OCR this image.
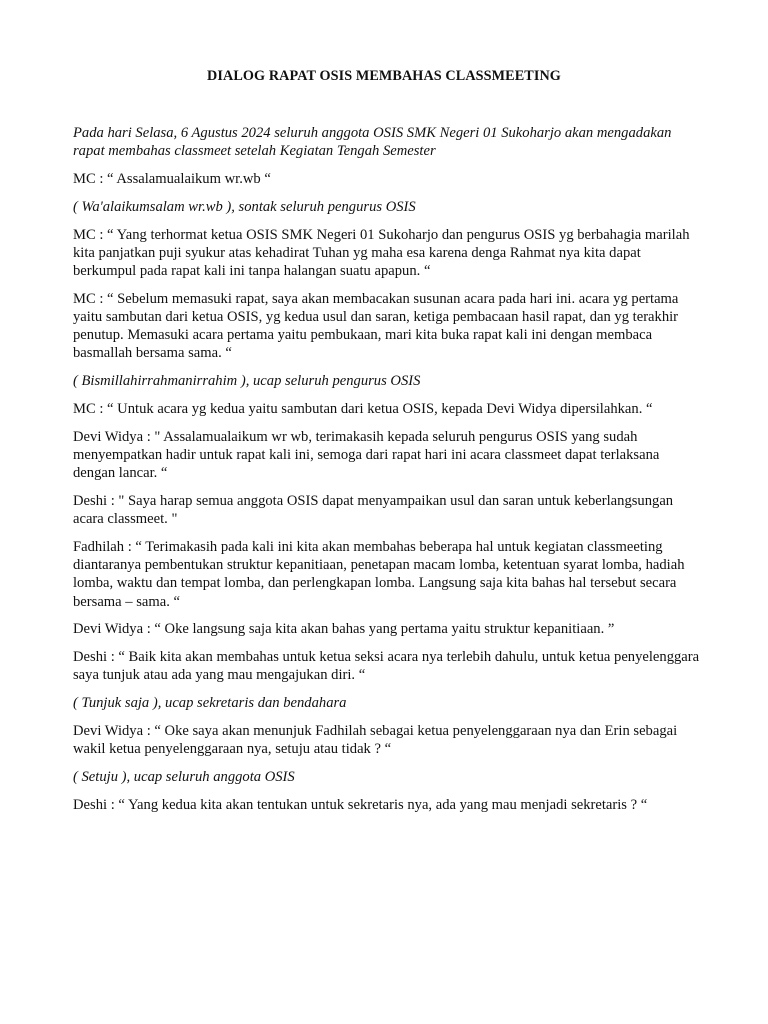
DIALOG RAPAT OSIS MEMBAHAS CLASSMEETING

Pada hari Selasa, 6 Agustus 2024 seluruh anggota OSIS SMK Negeri 01 Sukoharjo akan mengadakan rapat membahas classmeet setelah Kegiatan Tengah Semester

MC : “ Assalamualaikum wr.wb “

( Wa'alaikumsalam wr.wb ), sontak seluruh pengurus OSIS

MC : “ Yang terhormat ketua OSIS SMK Negeri 01 Sukoharjo dan pengurus OSIS yg berbahagia marilah kita panjatkan puji syukur atas kehadirat Tuhan yg maha esa karena denga Rahmat nya kita dapat berkumpul pada rapat kali ini tanpa halangan suatu apapun. “

MC : “ Sebelum memasuki rapat, saya akan membacakan susunan acara pada hari ini. acara yg pertama yaitu sambutan dari ketua OSIS, yg kedua usul dan saran, ketiga pembacaan hasil rapat, dan yg terakhir penutup. Memasuki acara pertama yaitu pembukaan, mari kita buka rapat kali ini dengan membaca basmallah bersama sama. “

( Bismillahirrahmanirrahim ), ucap seluruh pengurus OSIS

MC : “ Untuk acara yg kedua yaitu sambutan dari ketua OSIS, kepada Devi Widya dipersilahkan. “

Devi Widya : " Assalamualaikum wr wb, terimakasih kepada seluruh pengurus OSIS yang sudah menyempatkan hadir untuk rapat kali ini, semoga dari rapat hari ini acara classmeet dapat terlaksana dengan lancar. “

Deshi : " Saya harap semua anggota OSIS dapat menyampaikan usul dan saran untuk keberlangsungan acara classmeet. "

Fadhilah : “ Terimakasih pada kali ini kita akan membahas beberapa hal untuk kegiatan classmeeting diantaranya pembentukan struktur kepanitiaan, penetapan macam lomba, ketentuan syarat lomba, hadiah lomba, waktu dan tempat lomba, dan perlengkapan lomba. Langsung saja kita bahas hal tersebut secara bersama – sama. “

Devi Widya : “ Oke langsung saja kita akan bahas yang pertama yaitu struktur kepanitiaan. ”

Deshi : “ Baik kita akan membahas untuk ketua seksi acara nya terlebih dahulu, untuk ketua penyelenggara saya tunjuk atau ada yang mau mengajukan diri. “

( Tunjuk saja ), ucap sekretaris dan bendahara

Devi Widya : “ Oke saya akan menunjuk Fadhilah sebagai ketua penyelenggaraan nya dan Erin sebagai wakil ketua penyelenggaraan nya, setuju atau tidak ? “

( Setuju ), ucap seluruh anggota OSIS

Deshi : “ Yang kedua kita akan tentukan untuk sekretaris nya, ada yang mau menjadi sekretaris ? “
